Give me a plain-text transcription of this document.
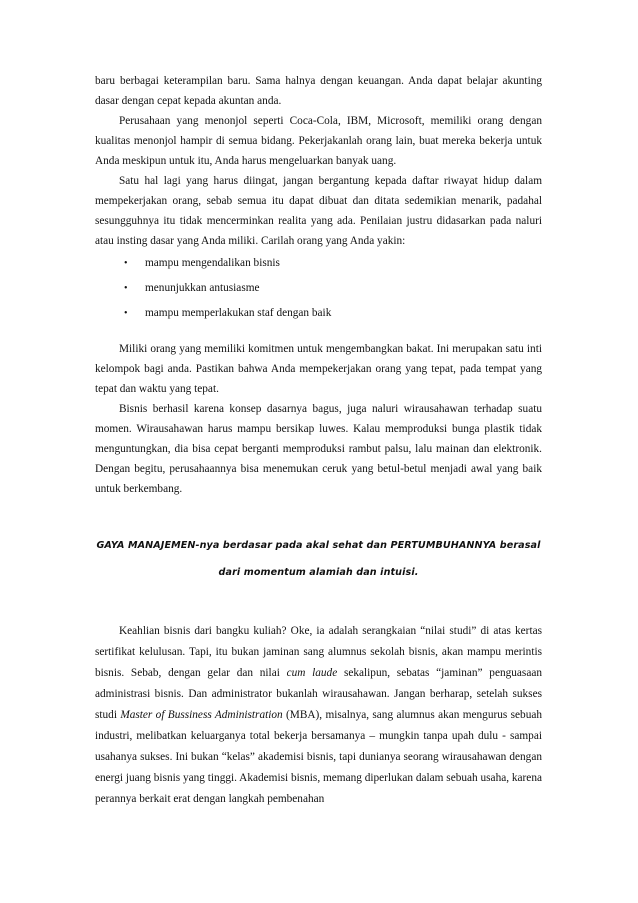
baru berbagai keterampilan baru. Sama halnya dengan keuangan. Anda dapat belajar akunting dasar dengan cepat kepada akuntan anda.

Perusahaan yang menonjol seperti Coca-Cola, IBM, Microsoft, memiliki orang dengan kualitas menonjol hampir di semua bidang. Pekerjakanlah orang lain, buat mereka bekerja untuk Anda meskipun untuk itu, Anda harus mengeluarkan banyak uang.

Satu hal lagi yang harus diingat, jangan bergantung kepada daftar riwayat hidup dalam mempekerjakan orang, sebab semua itu dapat dibuat dan ditata sedemikian menarik, padahal sesungguhnya itu tidak mencerminkan realita yang ada. Penilaian justru didasarkan pada naluri atau insting dasar yang Anda miliki. Carilah orang yang Anda yakin:

• mampu mengendalikan bisnis
• menunjukkan antusiasme
• mampu memperlakukan staf dengan baik

Miliki orang yang memiliki komitmen untuk mengembangkan bakat. Ini merupakan satu inti kelompok bagi anda. Pastikan bahwa Anda mempekerjakan orang yang tepat, pada tempat yang tepat dan waktu yang tepat.

Bisnis berhasil karena konsep dasarnya bagus, juga naluri wirausahawan terhadap suatu momen. Wirausahawan harus mampu bersikap luwes. Kalau memproduksi bunga plastik tidak menguntungkan, dia bisa cepat berganti memproduksi rambut palsu, lalu mainan dan elektronik. Dengan begitu, perusahaannya bisa menemukan ceruk yang betul-betul menjadi awal yang baik untuk berkembang.

GAYA MANAJEMEN-nya berdasar pada akal sehat dan PERTUMBUHANNYA berasal
dari momentum alamiah dan intuisi.

Keahlian bisnis dari bangku kuliah? Oke, ia adalah serangkaian “nilai studi” di atas kertas sertifikat kelulusan. Tapi, itu bukan jaminan sang alumnus sekolah bisnis, akan mampu merintis bisnis. Sebab, dengan gelar dan nilai cum laude sekalipun, sebatas “jaminan” penguasaan administrasi bisnis. Dan administrator bukanlah wirausahawan. Jangan berharap, setelah sukses studi Master of Bussiness Administration (MBA), misalnya, sang alumnus akan mengurus sebuah industri, melibatkan keluarganya total bekerja bersamanya – mungkin tanpa upah dulu - sampai usahanya sukses. Ini bukan “kelas” akademisi bisnis, tapi dunianya seorang wirausahawan dengan energi juang bisnis yang tinggi. Akademisi bisnis, memang diperlukan dalam sebuah usaha, karena perannya berkait erat dengan langkah pembenahan
